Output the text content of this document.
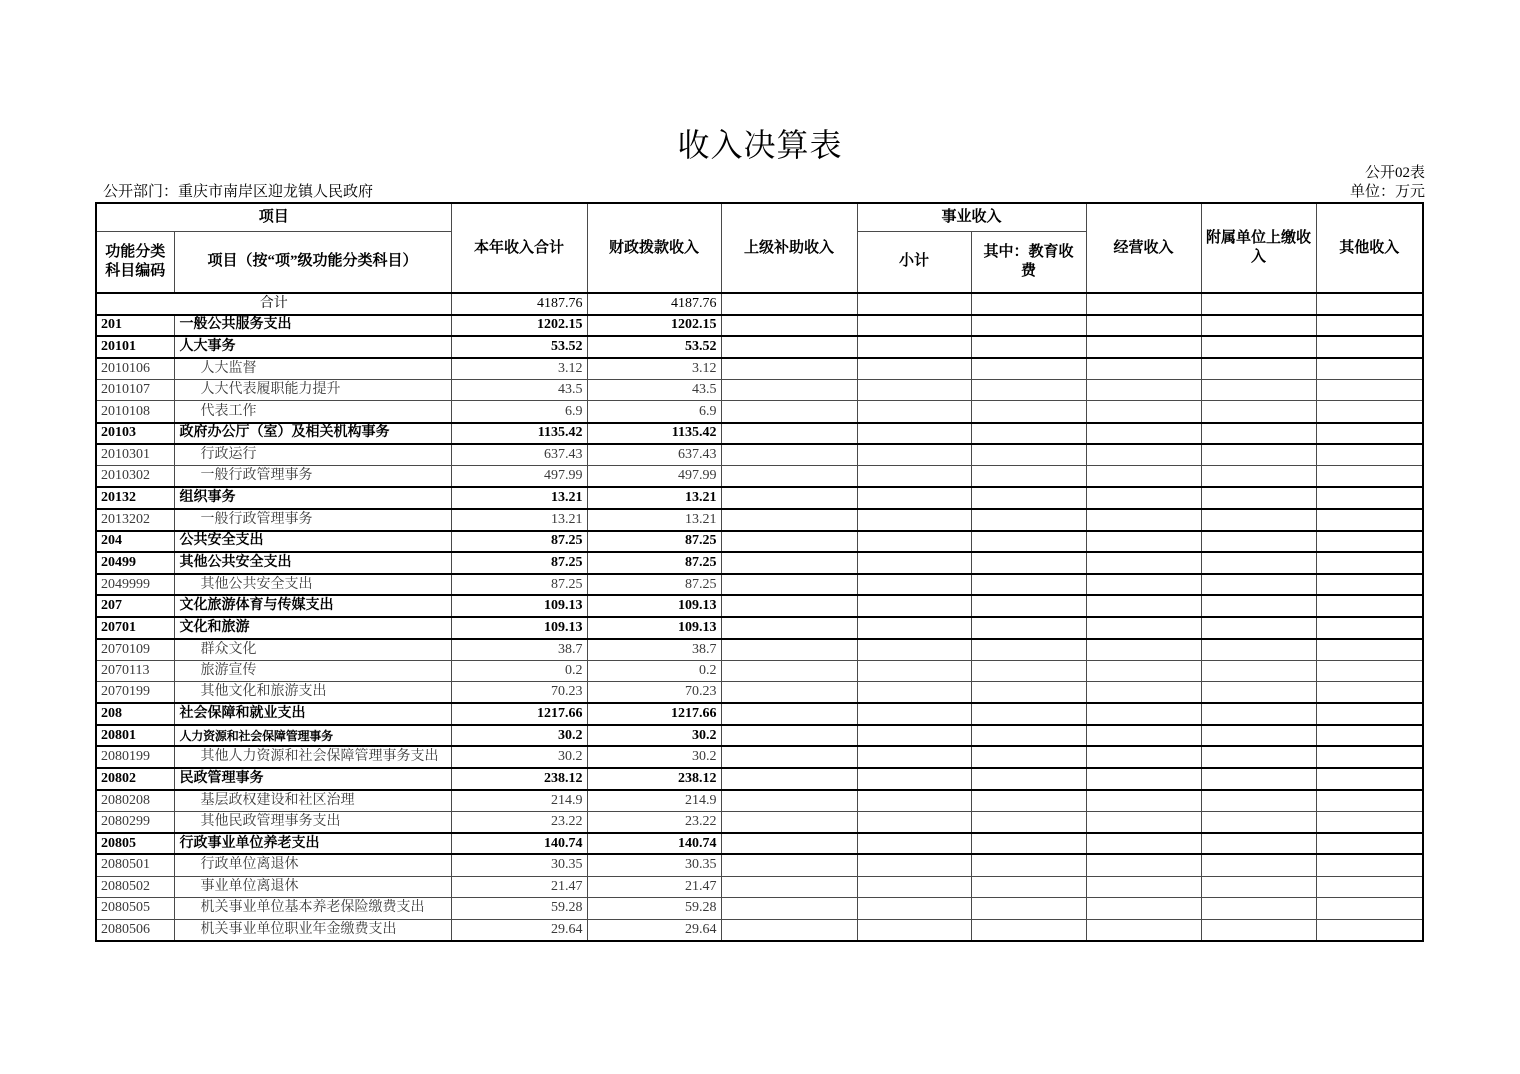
收入决算表
公开02表
公开部门：重庆市南岸区迎龙镇人民政府	单位：万元
项目		本年收入合计	财政拨款收入	上级补助收入	事业收入		经营收入	附属单位上缴收入	其他收入
功能分类科目编码	项目（按“项”级功能分类科目）				小计	其中：教育收费			
合计		4187.76	4187.76						
201	一般公共服务支出	1202.15	1202.15						
20101	人大事务	53.52	53.52						
2010106	人大监督	3.12	3.12						
2010107	人大代表履职能力提升	43.5	43.5						
2010108	代表工作	6.9	6.9						
20103	政府办公厅（室）及相关机构事务	1135.42	1135.42						
2010301	行政运行	637.43	637.43						
2010302	一般行政管理事务	497.99	497.99						
20132	组织事务	13.21	13.21						
2013202	一般行政管理事务	13.21	13.21						
204	公共安全支出	87.25	87.25						
20499	其他公共安全支出	87.25	87.25						
2049999	其他公共安全支出	87.25	87.25						
207	文化旅游体育与传媒支出	109.13	109.13						
20701	文化和旅游	109.13	109.13						
2070109	群众文化	38.7	38.7						
2070113	旅游宣传	0.2	0.2						
2070199	其他文化和旅游支出	70.23	70.23						
208	社会保障和就业支出	1217.66	1217.66						
20801	人力资源和社会保障管理事务	30.2	30.2						
2080199	其他人力资源和社会保障管理事务支出	30.2	30.2						
20802	民政管理事务	238.12	238.12						
2080208	基层政权建设和社区治理	214.9	214.9						
2080299	其他民政管理事务支出	23.22	23.22						
20805	行政事业单位养老支出	140.74	140.74						
2080501	行政单位离退休	30.35	30.35						
2080502	事业单位离退休	21.47	21.47						
2080505	机关事业单位基本养老保险缴费支出	59.28	59.28						
2080506	机关事业单位职业年金缴费支出	29.64	29.64						
